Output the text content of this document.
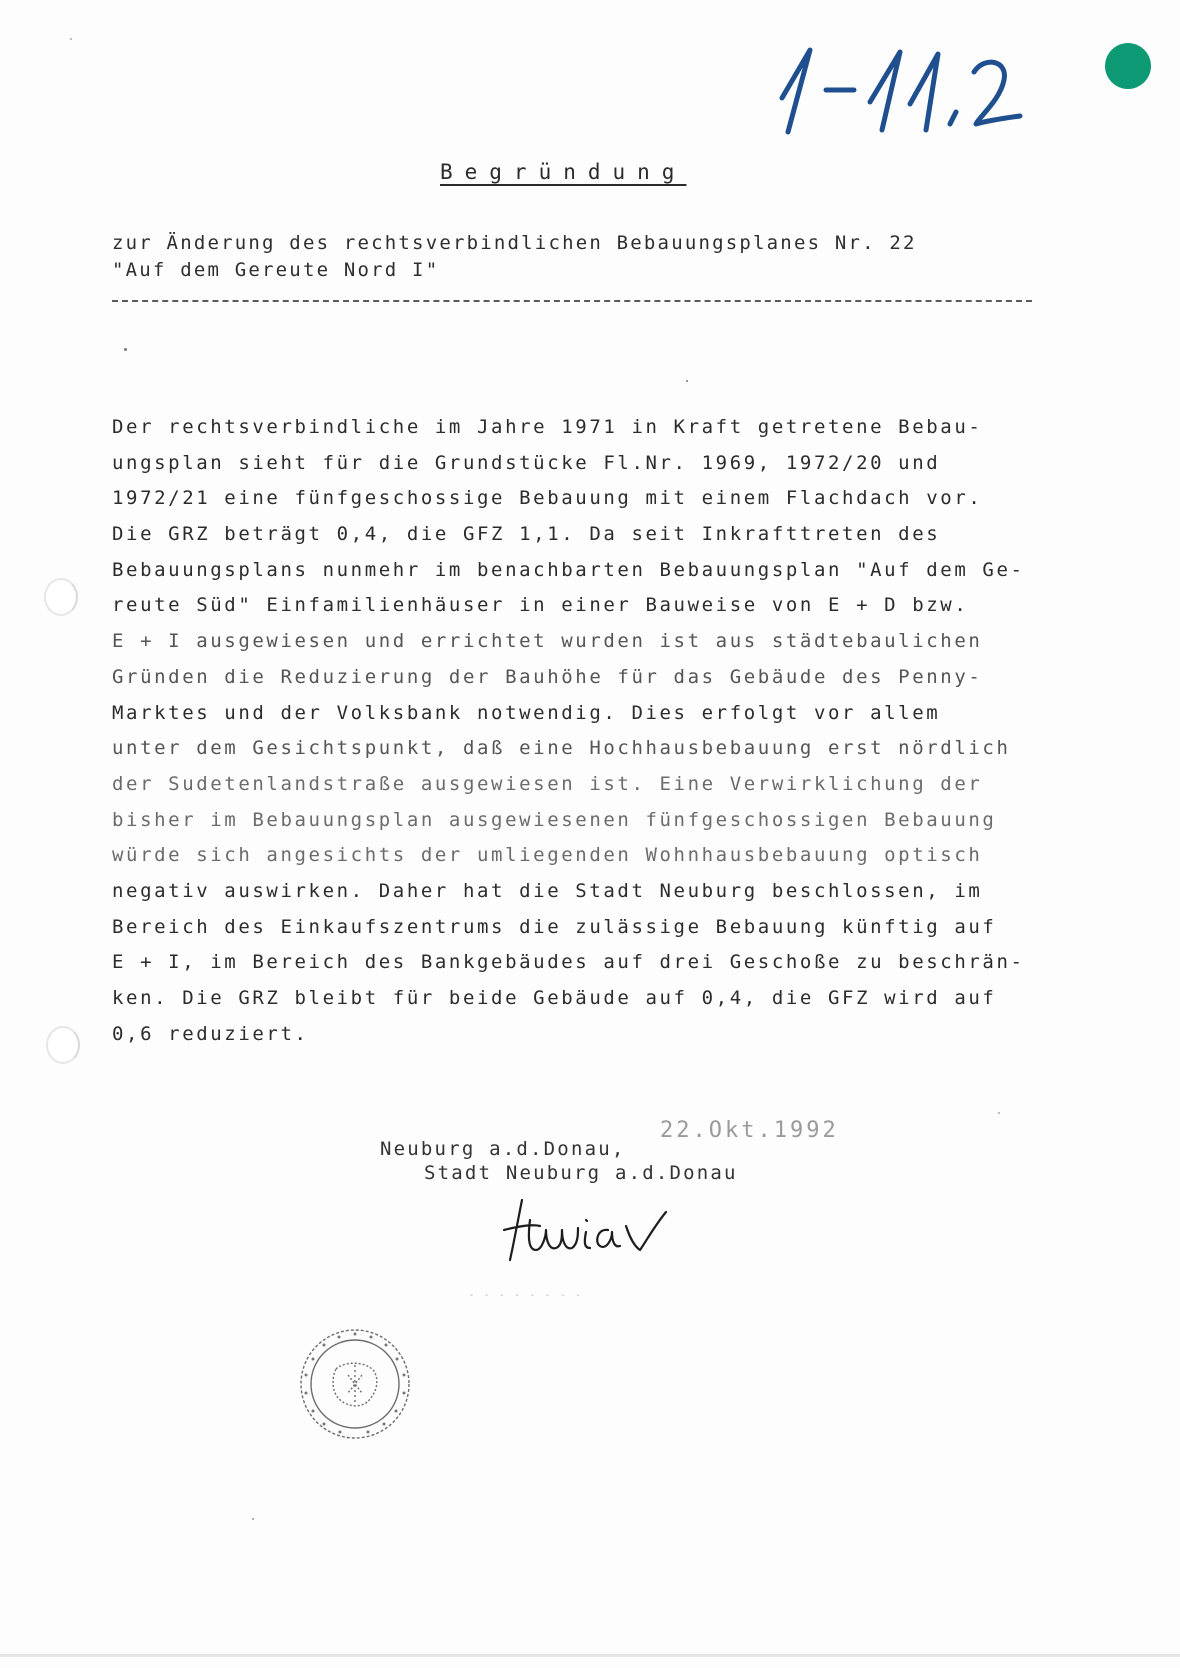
Begründung
zur Änderung des rechtsverbindlichen Bebauungsplanes Nr. 22
"Auf dem Gereute Nord I"
Der rechtsverbindliche im Jahre 1971 in Kraft getretene Bebau-
ungsplan sieht für die Grundstücke Fl.Nr. 1969, 1972/20 und
1972/21 eine fünfgeschossige Bebauung mit einem Flachdach vor.
Die GRZ beträgt 0,4, die GFZ 1,1. Da seit Inkrafttreten des
Bebauungsplans nunmehr im benachbarten Bebauungsplan "Auf dem Ge-
reute Süd" Einfamilienhäuser in einer Bauweise von E + D bzw.
E + I ausgewiesen und errichtet wurden ist aus städtebaulichen
Gründen die Reduzierung der Bauhöhe für das Gebäude des Penny-
Marktes und der Volksbank notwendig. Dies erfolgt vor allem
unter dem Gesichtspunkt, daß eine Hochhausbebauung erst nördlich
der Sudetenlandstraße ausgewiesen ist. Eine Verwirklichung der
bisher im Bebauungsplan ausgewiesenen fünfgeschossigen Bebauung
würde sich angesichts der umliegenden Wohnhausbebauung optisch
negativ auswirken. Daher hat die Stadt Neuburg beschlossen, im
Bereich des Einkaufszentrums die zulässige Bebauung künftig auf
E + I, im Bereich des Bankgebäudes auf drei Geschoße zu beschrän-
ken. Die GRZ bleibt für beide Gebäude auf 0,4, die GFZ wird auf
0,6 reduziert.
Neuburg a.d.Donau,
22.Okt.1992
Stadt Neuburg a.d.Donau
- - - - - - - -
